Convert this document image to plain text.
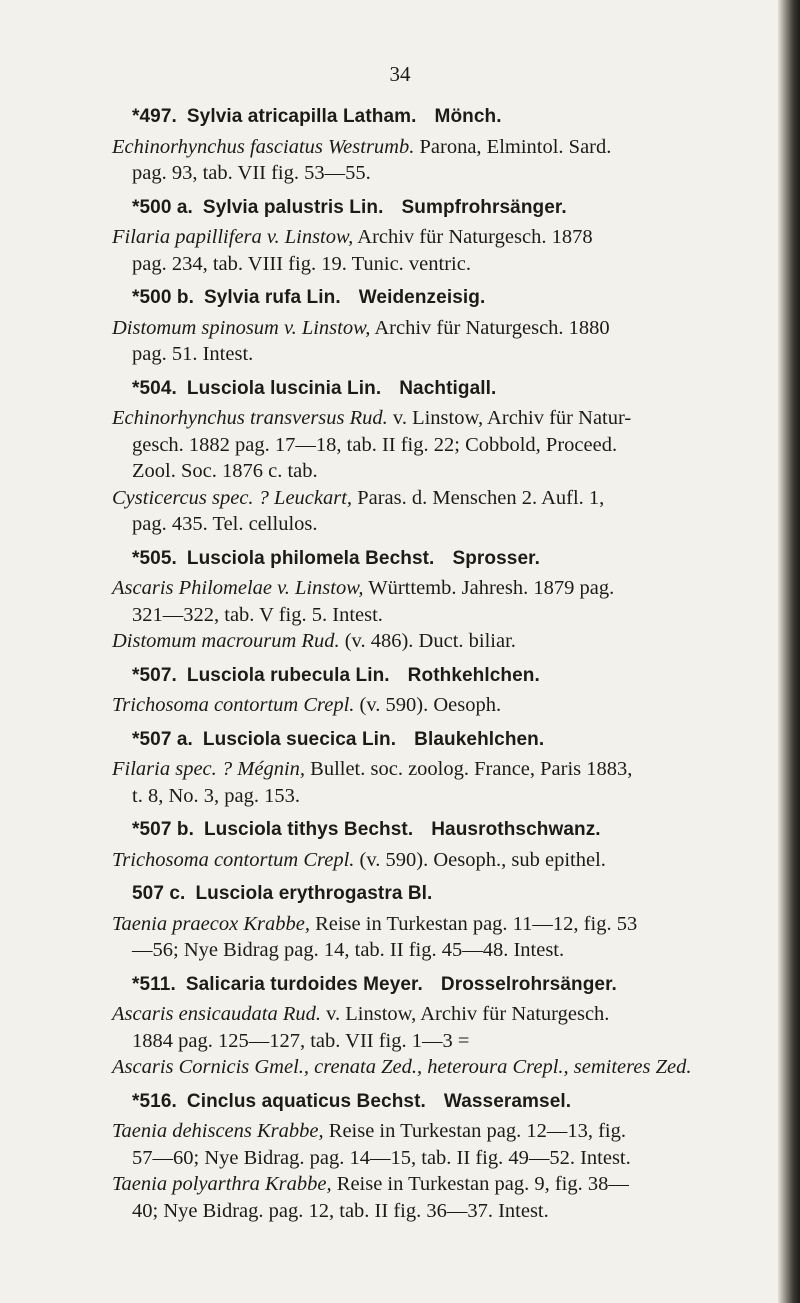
34
*497. Sylvia atricapilla Latham. Mönch.
Echinorhynchus fasciatus Westrumb. Parona, Elmintol. Sard.
pag. 93, tab. VII fig. 53—55.
*500 a. Sylvia palustris Lin. Sumpfrohrsänger.
Filaria papillifera v. Linstow, Archiv für Naturgesch. 1878
pag. 234, tab. VIII fig. 19. Tunic. ventric.
*500 b. Sylvia rufa Lin. Weidenzeisig.
Distomum spinosum v. Linstow, Archiv für Naturgesch. 1880
pag. 51. Intest.
*504. Lusciola luscinia Lin. Nachtigall.
Echinorhynchus transversus Rud. v. Linstow, Archiv für Natur-
gesch. 1882 pag. 17—18, tab. II fig. 22; Cobbold, Proceed.
Zool. Soc. 1876 c. tab.
Cysticercus spec. ? Leuckart, Paras. d. Menschen 2. Aufl. 1,
pag. 435. Tel. cellulos.
*505. Lusciola philomela Bechst. Sprosser.
Ascaris Philomelae v. Linstow, Württemb. Jahresh. 1879 pag.
321—322, tab. V fig. 5. Intest.
Distomum macrourum Rud. (v. 486). Duct. biliar.
*507. Lusciola rubecula Lin. Rothkehlchen.
Trichosoma contortum Crepl. (v. 590). Oesoph.
*507 a. Lusciola suecica Lin. Blaukehlchen.
Filaria spec. ? Mégnin, Bullet. soc. zoolog. France, Paris 1883,
t. 8, No. 3, pag. 153.
*507 b. Lusciola tithys Bechst. Hausrothschwanz.
Trichosoma contortum Crepl. (v. 590). Oesoph., sub epithel.
507 c. Lusciola erythrogastra Bl.
Taenia praecox Krabbe, Reise in Turkestan pag. 11—12, fig. 53
—56; Nye Bidrag pag. 14, tab. II fig. 45—48. Intest.
*511. Salicaria turdoides Meyer. Drosselrohrsänger.
Ascaris ensicaudata Rud. v. Linstow, Archiv für Naturgesch.
1884 pag. 125—127, tab. VII fig. 1—3 =
Ascaris Cornicis Gmel., crenata Zed., heteroura Crepl., semiteres Zed.
*516. Cinclus aquaticus Bechst. Wasseramsel.
Taenia dehiscens Krabbe, Reise in Turkestan pag. 12—13, fig.
57—60; Nye Bidrag. pag. 14—15, tab. II fig. 49—52. Intest.
Taenia polyarthra Krabbe, Reise in Turkestan pag. 9, fig. 38—
40; Nye Bidrag. pag. 12, tab. II fig. 36—37. Intest.
